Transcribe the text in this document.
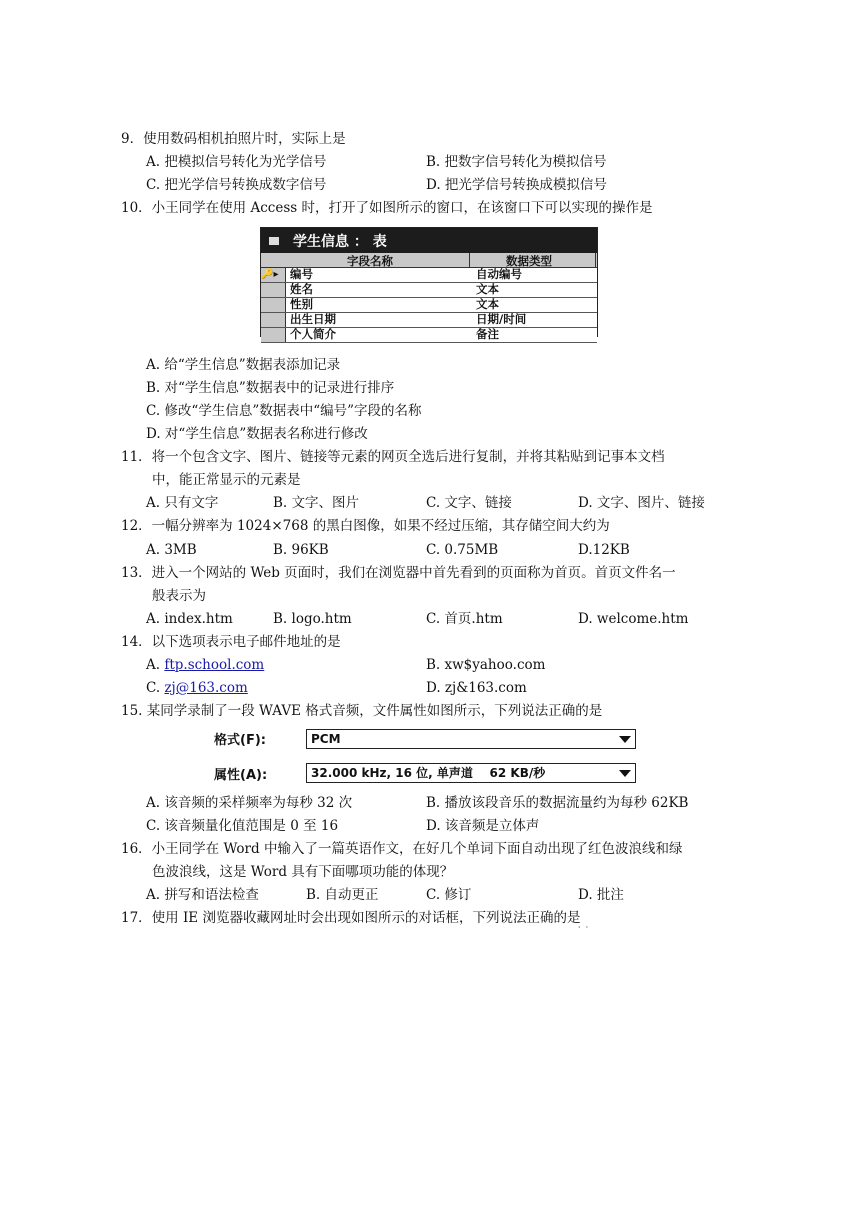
9．使用数码相机拍照片时，实际上是
A. 把模拟信号转化为光学信号	B. 把数字信号转化为模拟信号
C. 把光学信号转换成数字信号	D. 把光学信号转换成模拟信号
10．小王同学在使用 Access 时，打开了如图所示的窗口，在该窗口下可以实现的操作是
学生信息 ： 表
字段名称	数据类型
🔑▸	编号	自动编号
姓名	文本
性别	文本
出生日期	日期/时间
个人简介	备注
A. 给“学生信息”数据表添加记录
B. 对“学生信息”数据表中的记录进行排序
C. 修改“学生信息”数据表中“编号”字段的名称
D. 对“学生信息”数据表名称进行修改
11．将一个包含文字、图片、链接等元素的网页全选后进行复制，并将其粘贴到记事本文档
中，能正常显示的元素是
A. 只有文字	B. 文字、图片	C. 文字、链接	D. 文字、图片、链接
12．一幅分辨率为 1024×768 的黑白图像，如果不经过压缩，其存储空间大约为
A. 3MB	B. 96KB	C. 0.75MB	D.12KB
13．进入一个网站的 Web 页面时，我们在浏览器中首先看到的页面称为首页。首页文件名一
般表示为
A. index.htm	B. logo.htm	C. 首页.htm	D. welcome.htm
14．以下选项表示电子邮件地址的是
A. ftp.school.com	B. xw$yahoo.com
C. zj@163.com	D. zj&163.com
15. 某同学录制了一段 WAVE 格式音频，文件属性如图所示，下列说法正确的是
格式(F):	PCM
属性(A):	32.000 kHz, 16 位, 单声道    62 KB/秒
A. 该音频的采样频率为每秒 32 次	B. 播放该段音乐的数据流量约为每秒 62KB
C. 该音频量化值范围是 0 至 16	D. 该音频是立体声
16．小王同学在 Word 中输入了一篇英语作文，在好几个单词下面自动出现了红色波浪线和绿
色波浪线，这是 Word 具有下面哪项功能的体现？
A. 拼写和语法检查	B. 自动更正	C. 修订	D. 批注
17．使用 IE 浏览器收藏网址时会出现如图所示的对话框，下列说法正确的是
·  ·
